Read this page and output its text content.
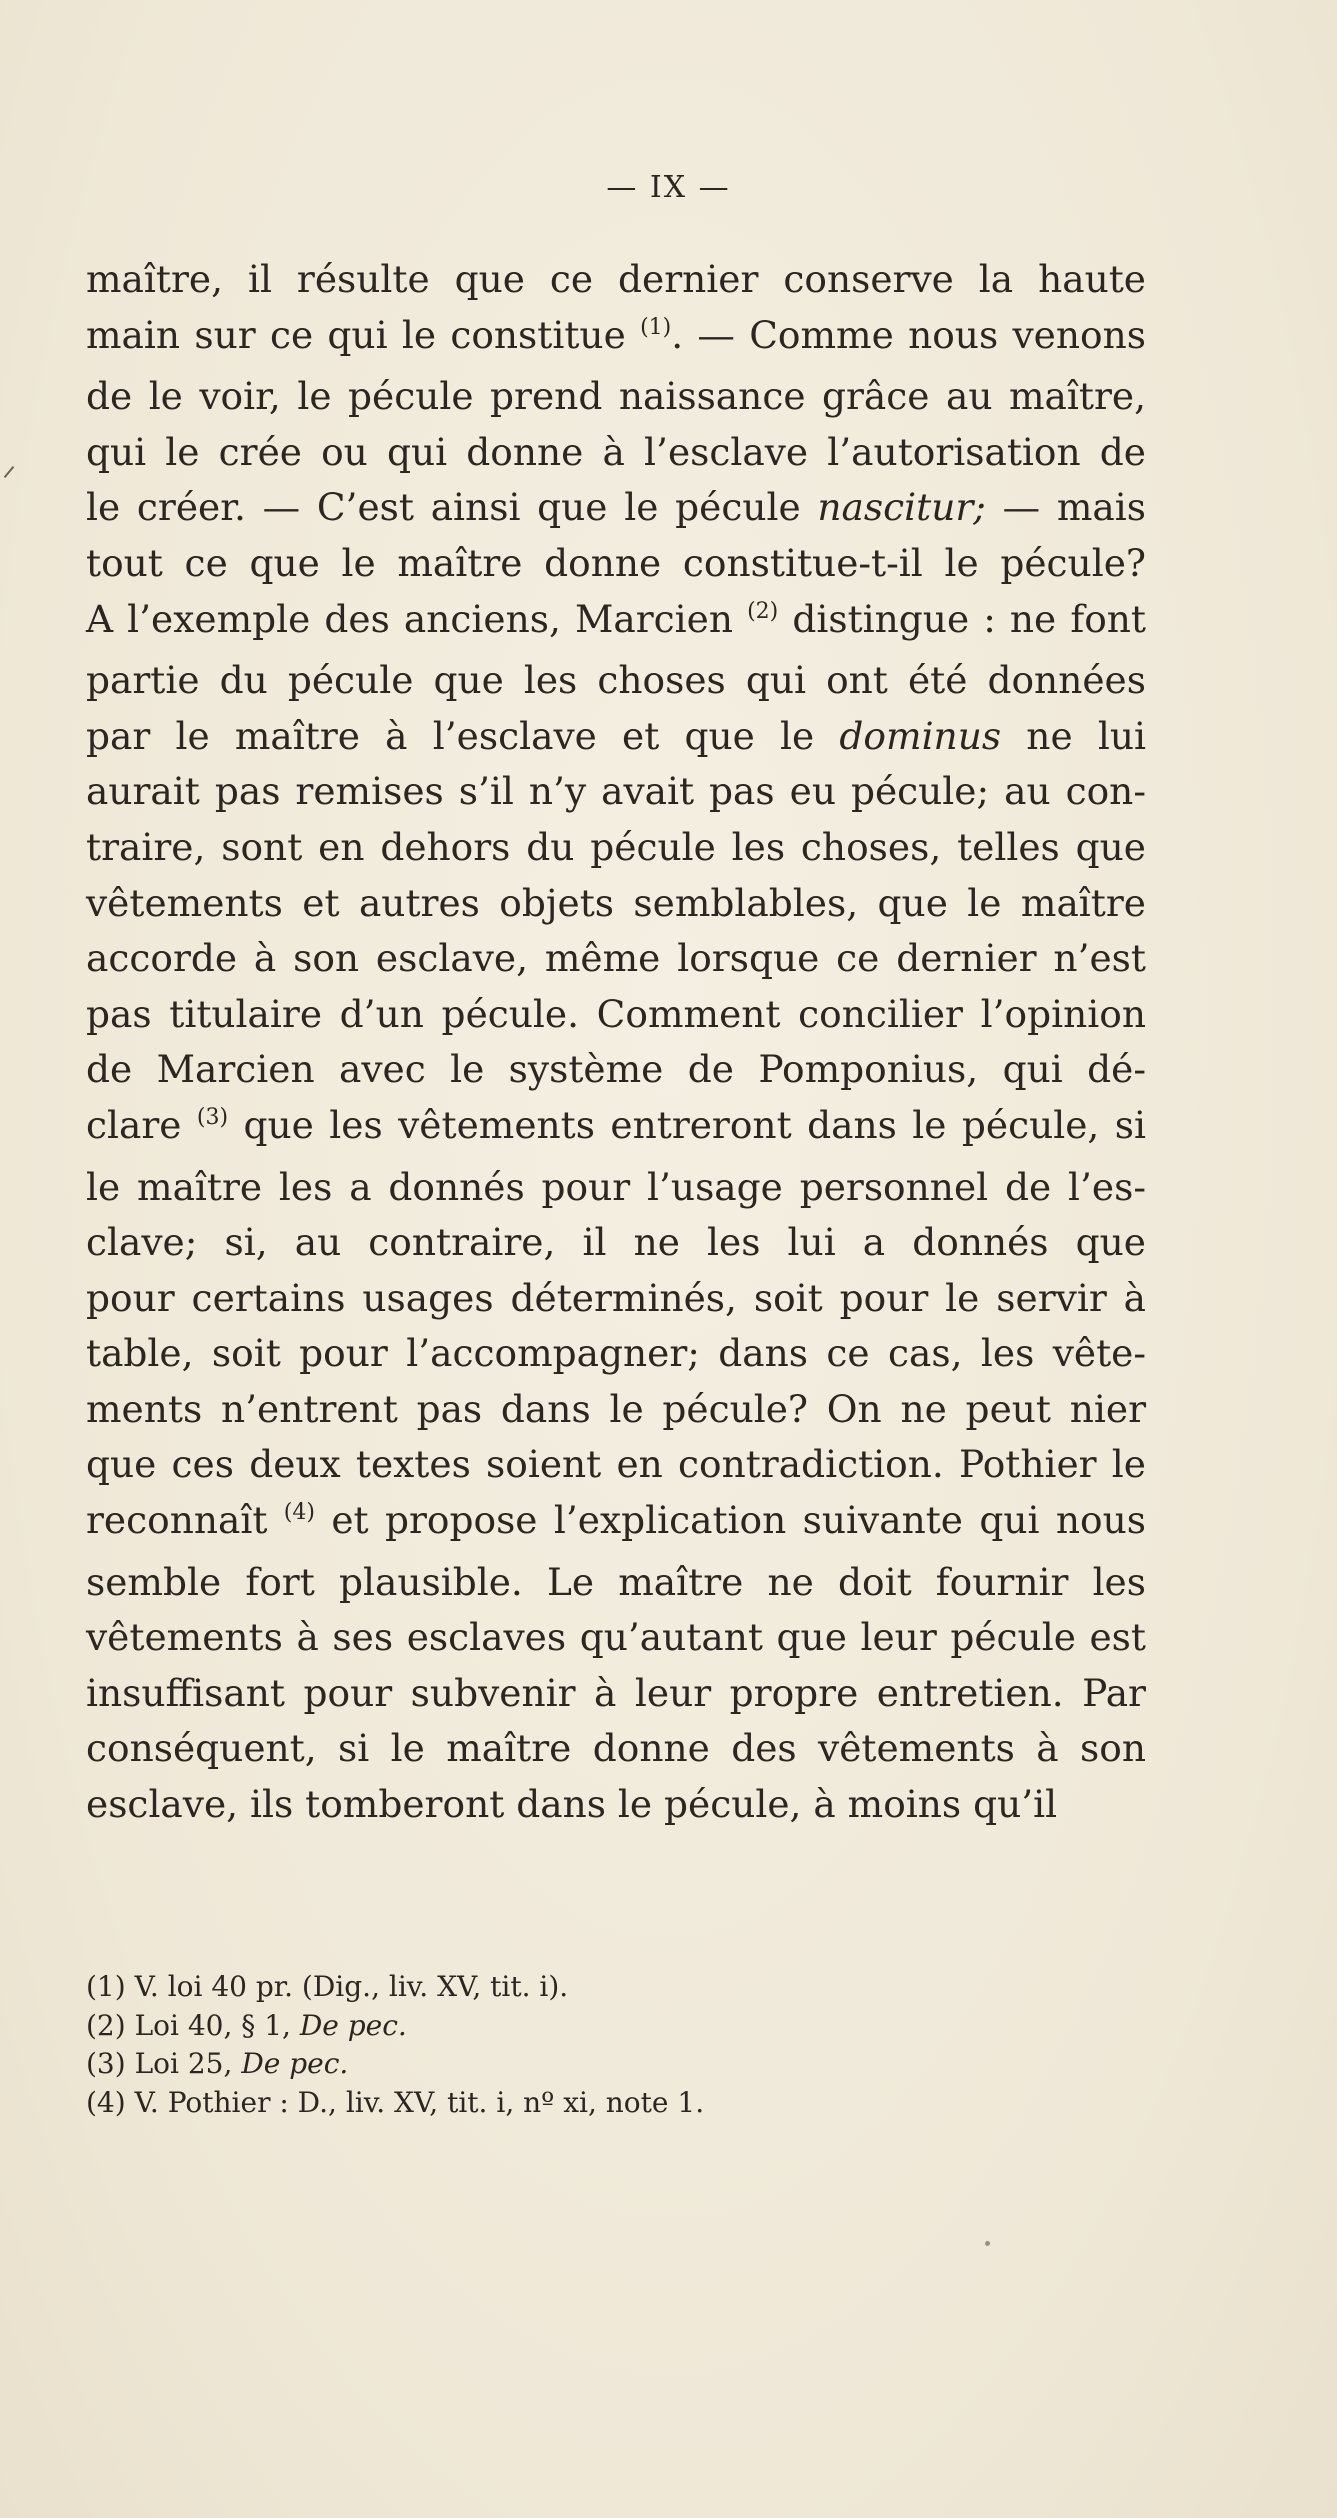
— IX —
maître, il résulte que ce dernier conserve la haute
main sur ce qui le constitue $^{(1)}$. — Comme nous venons
de le voir, le pécule prend naissance grâce au maître,
qui le crée ou qui donne à l’esclave l’autorisation de
le créer. — C’est ainsi que le pécule nascitur; — mais
tout ce que le maître donne constitue-t-il le pécule?
A l’exemple des anciens, Marcien $^{(2)}$ distingue : ne font
partie du pécule que les choses qui ont été données
par le maître à l’esclave et que le dominus ne lui
aurait pas remises s’il n’y avait pas eu pécule; au con-
traire, sont en dehors du pécule les choses, telles que
vêtements et autres objets semblables, que le maître
accorde à son esclave, même lorsque ce dernier n’est
pas titulaire d’un pécule. Comment concilier l’opinion
de Marcien avec le système de Pomponius, qui dé-
clare $^{(3)}$ que les vêtements entreront dans le pécule, si
le maître les a donnés pour l’usage personnel de l’es-
clave; si, au contraire, il ne les lui a donnés que
pour certains usages déterminés, soit pour le servir à
table, soit pour l’accompagner; dans ce cas, les vête-
ments n’entrent pas dans le pécule? On ne peut nier
que ces deux textes soient en contradiction. Pothier le
reconnaît $^{(4)}$ et propose l’explication suivante qui nous
semble fort plausible. Le maître ne doit fournir les
vêtements à ses esclaves qu’autant que leur pécule est
insuffisant pour subvenir à leur propre entretien. Par
conséquent, si le maître donne des vêtements à son
esclave, ils tomberont dans le pécule, à moins qu’il
(1) V. loi 40 pr. (Dig., liv. XV, tit. i).
(2) Loi 40, § 1, De pec.
(3) Loi 25, De pec.
(4) V. Pothier : D., liv. XV, tit. i, nº xi, note 1.
